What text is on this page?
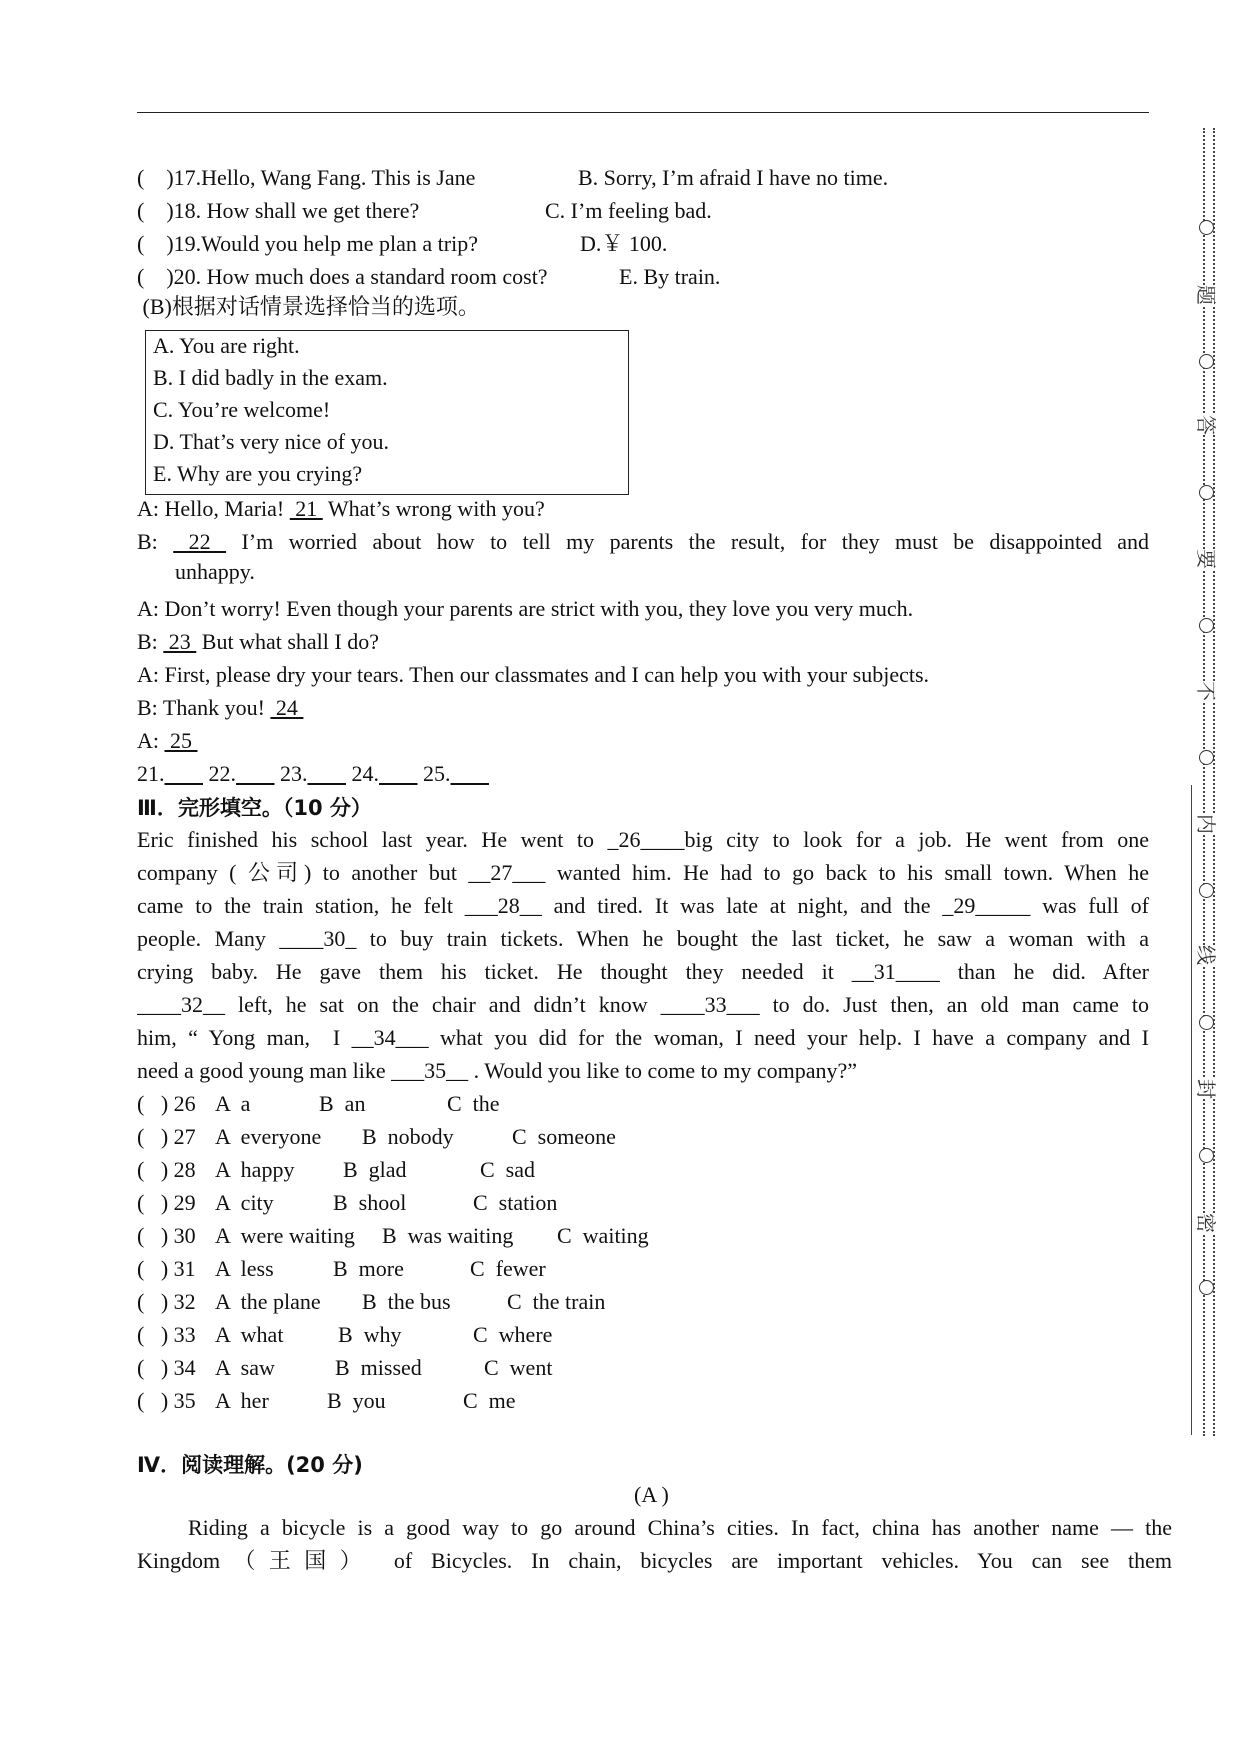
(    )17.Hello, Wang Fang. This is Jane	B. Sorry, I’m afraid I have no time.
(    )18. How shall we get there?	C. I’m feeling bad.
(    )19.Would you help me plan a trip?	D.￥ 100.
(    )20. How much does a standard room cost?	E. By train.
(B)根据对话情景选择恰当的选项。
A. You are right.
B. I did badly in the exam.
C. You’re welcome!
D. That’s very nice of you.
E. Why are you crying?
A: Hello, Maria!  21  What’s wrong with you?
B:  22  I’m worried about how to tell my parents the result, for they must be disappointed and
unhappy.
A: Don’t worry! Even though your parents are strict with you, they love you very much.
B:  23  But what shall I do?
A: First, please dry your tears. Then our classmates and I can help you with your subjects.
B: Thank you!  24
A:  25
21. 22. 23. 24. 25.
Ⅲ．完形填空。（10 分）
Eric finished his school last year. He went to _26____big city to look for a job. He went from one
company ( 公司) to another but __27___ wanted him. He had to go back to his small town. When he
came to the train station, he felt ___28__ and tired. It was late at night, and the _29_____ was full of
people. Many ____30_ to buy train tickets. When he bought the last ticket, he saw a woman with a
crying baby. He gave them his ticket. He thought they needed it __31____ than he did. After
____32__ left, he sat on the chair and didn’t know ____33___ to do. Just then, an old man came to
him, “ Yong man,  I __34___ what you did for the woman, I need your help. I have a company and I
need a good young man like ___35__ . Would you like to come to my company?”
(   ) 26 A  a	B  an	C  the
(   ) 27 A  everyone B  nobody	C  someone
(   ) 28 A  happy B  glad	C  sad
(   ) 29 A  city	B  shool	C  station
(   ) 30 A  were waiting B  was waiting C  waiting
(   ) 31 A  less	B  more	C  fewer
(   ) 32 A  the plane B  the bus	C  the train
(   ) 33 A  what B  why	C  where
(   ) 34 A  saw	B  missed	C  went
(   ) 35 A  her	B  you	C  me
Ⅳ．阅读理解。(20 分)
(A )
Riding a bicycle is a good way to go around China’s cities. In fact, china has another name — the
Kingdom（王国） of Bicycles. In chain, bicycles are important vehicles. You can see them
题
答
要
不
内
线
封
密
